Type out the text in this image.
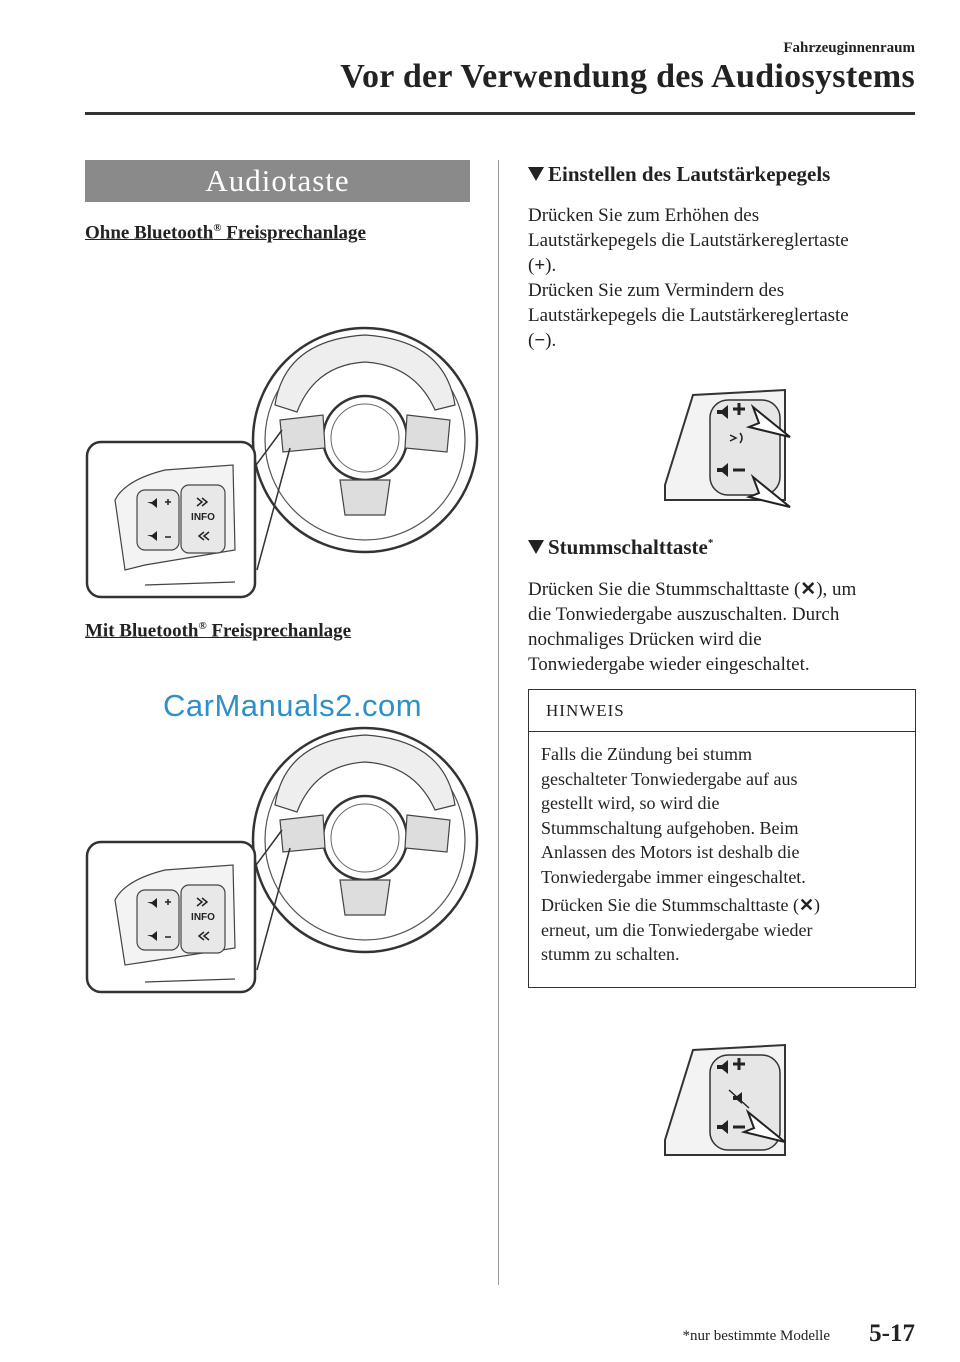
Fahrzeuginnenraum
Vor der Verwendung des Audiosystems
Audiotaste
Ohne Bluetooth® Freisprechanlage
INFO
Mit Bluetooth® Freisprechanlage
CarManuals2.com
INFO
Einstellen des Lautstärkepegels
Drücken Sie zum Erhöhen des
Lautstärkepegels die Lautstärkereglertaste
(+).
Drücken Sie zum Vermindern des
Lautstärkepegels die Lautstärkereglertaste
(−).
Stummschalttaste*
Drücken Sie die Stummschalttaste (✕), um
die Tonwiedergabe auszuschalten. Durch
nochmaliges Drücken wird die
Tonwiedergabe wieder eingeschaltet.
HINWEIS
Falls die Zündung bei stumm
geschalteter Tonwiedergabe auf aus
gestellt wird, so wird die
Stummschaltung aufgehoben. Beim
Anlassen des Motors ist deshalb die
Tonwiedergabe immer eingeschaltet.
Drücken Sie die Stummschalttaste (✕)
erneut, um die Tonwiedergabe wieder
stumm zu schalten.
*nur bestimmte Modelle 5-17
